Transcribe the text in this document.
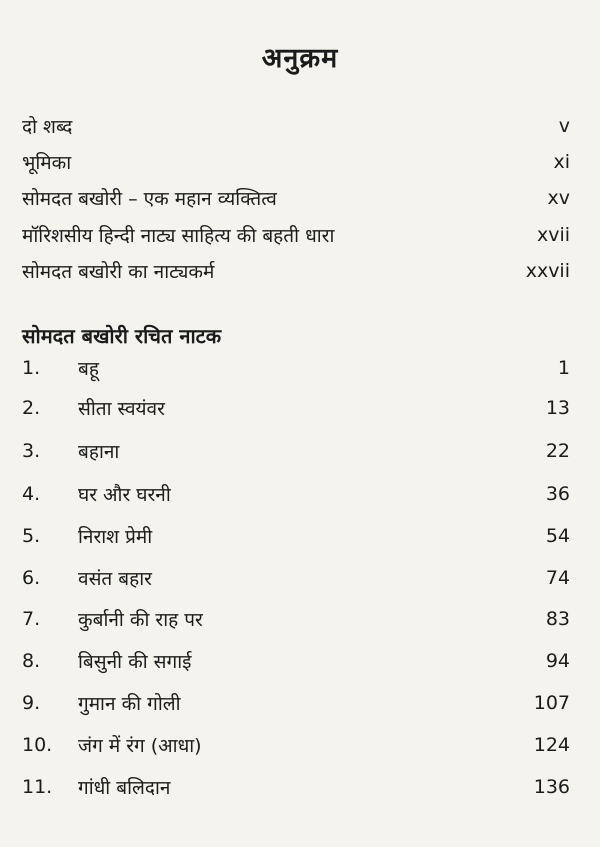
अनुक्रम
दो शब्द	v
भूमिका	xi
सोमदत बखोरी – एक महान व्यक्तित्व	xv
मॉरिशसीय हिन्दी नाट्य साहित्य की बहती धारा	xvii
सोमदत बखोरी का नाट्यकर्म	xxvii
सोमदत बखोरी रचित नाटक
1.	बहू	1
2.	सीता स्वयंवर	13
3.	बहाना	22
4.	घर और घरनी	36
5.	निराश प्रेमी	54
6.	वसंत बहार	74
7.	कुर्बानी की राह पर	83
8.	बिसुनी की सगाई	94
9.	गुमान की गोली	107
10.	जंग में रंग (आधा)	124
11.	गांधी बलिदान	136
